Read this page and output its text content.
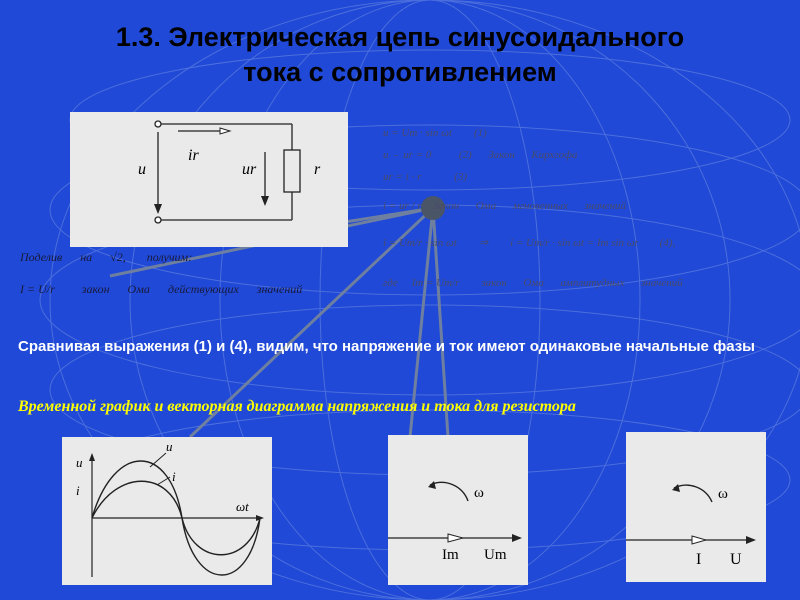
1.3. Электрическая цепь синусоидального
тока с сопротивлением
u
ir
ur	r
u = Um · sin ωt        (1)
u  -  ur = 0          (2)      Закон      Кирхгофа
ur = i · r            (3)
i = ur / r    Закон      Ома      мгновенных      значений
i = Um/r · sin ωt        ⇒        i = Um/r · sin ωt = Im sin ωt        (4),
где     Im = Um/r        закон      Ома      амплитудных      значений
Поделив      на      √2,       получим:
I = U/r         закон      Ома      действующих      значений
Сравнивая выражения (1) и (4), видим, что напряжение и ток имеют одинаковые начальные фазы
Временной график и векторная диаграмма напряжения и тока для резистора
u
i
u
i
ωt
ω
Im Um
ω
I U
